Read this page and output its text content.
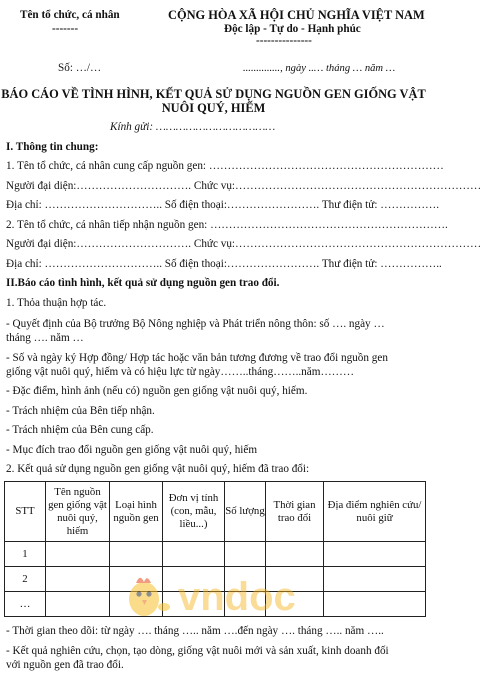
Tên tổ chức, cá nhân
-------
CỘNG HÒA XÃ HỘI CHỦ NGHĨA VIỆT NAM
Độc lập - Tự do - Hạnh phúc
---------------
Số: …/…	.............., ngày ..… tháng … năm …
BÁO CÁO VỀ TÌNH HÌNH, KẾT QUẢ SỬ DỤNG NGUỒN GEN GIỐNG VẬT
NUÔI QUÝ, HIẾM
Kính gửi: ………………………………
I. Thông tin chung:
1. Tên tổ chức, cá nhân cung cấp nguồn gen: ………………………………………………………
Người đại diện:…………………………. Chức vụ:…………………………………………………………
Địa chỉ: ………………………….. Số điện thoại:……………………. Thư điện tử: …………….
2. Tên tổ chức, cá nhân tiếp nhận nguồn gen: ……………………………………………………….
Người đại diện:…………………………. Chức vụ:…………………………………………………………
Địa chỉ: ………………………….. Số điện thoại:……………………. Thư điện tử: ……………..
II.Báo cáo tình hình, kết quả sử dụng nguồn gen trao đổi.
1. Thỏa thuận hợp tác.
- Quyết định của Bộ trưởng Bộ Nông nghiệp và Phát triển nông thôn: số …. ngày …
tháng …. năm …
- Số và ngày ký Hợp đồng/ Hợp tác hoặc văn bản tương đương về trao đổi nguồn gen
giống vật nuôi quý, hiếm và có hiệu lực từ ngày……..tháng……..năm………
- Đặc điểm, hình ảnh (nếu có) nguồn gen giống vật nuôi quý, hiếm.
- Trách nhiệm của Bên tiếp nhận.
- Trách nhiệm của Bên cung cấp.
- Mục đích trao đổi nguồn gen giống vật nuôi quý, hiếm
2. Kết quả sử dụng nguồn gen giống vật nuôi quý, hiếm đã trao đổi:
STT	Tên nguồn gen giống vật nuôi quý, hiếm	Loại hình nguồn gen	Đơn vị tính (con, mẫu, liều...)	Số lượng	Thời gian trao đổi	Địa điểm nghiên cứu/ nuôi giữ
1						
2						
…							vndoc
- Thời gian theo dõi: từ ngày …. tháng ….. năm ….đến ngày …. tháng ….. năm …..
- Kết quả nghiên cứu, chọn, tạo dòng, giống vật nuôi mới và sản xuất, kinh doanh đối
với nguồn gen đã trao đổi.
